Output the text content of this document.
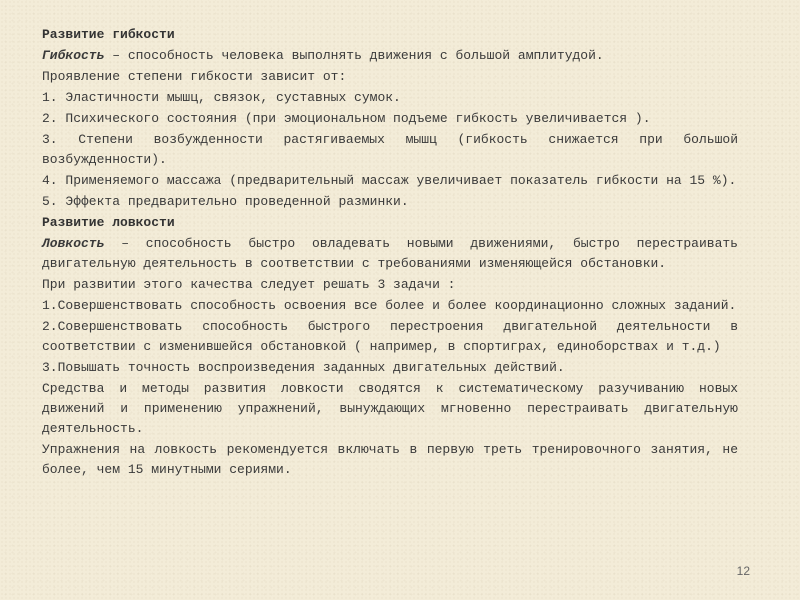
Развитие гибкости

Гибкость – способность человека выполнять движения с большой амплитудой.

Проявление степени гибкости зависит от:

1. Эластичности мышц, связок, суставных сумок.

2. Психического состояния (при эмоциональном подъеме гибкость увеличивается ).

3. Степени возбужденности растягиваемых мышц (гибкость снижается при большой возбужденности).

4. Применяемого массажа (предварительный массаж увеличивает показатель гибкости на 15 %).

5. Эффекта предварительно проведенной разминки.

Развитие ловкости

Ловкость – способность быстро овладевать новыми движениями, быстро перестраивать двигательную деятельность в соответствии с требованиями изменяющейся обстановки.

При развитии этого качества следует решать 3 задачи :

1.Совершенствовать способность освоения все более и более координационно сложных заданий.

2.Совершенствовать способность быстрого перестроения двигательной деятельности в соответствии с изменившейся обстановкой ( например, в спортиграх, единоборствах и т.д.)

3.Повышать точность воспроизведения заданных двигательных действий.

Средства и методы развития ловкости сводятся к систематическому разучиванию новых движений и применению упражнений, вынуждающих мгновенно перестраивать двигательную деятельность.

Упражнения на ловкость рекомендуется включать в первую треть тренировочного занятия, не более, чем 15 минутными сериями.

12
